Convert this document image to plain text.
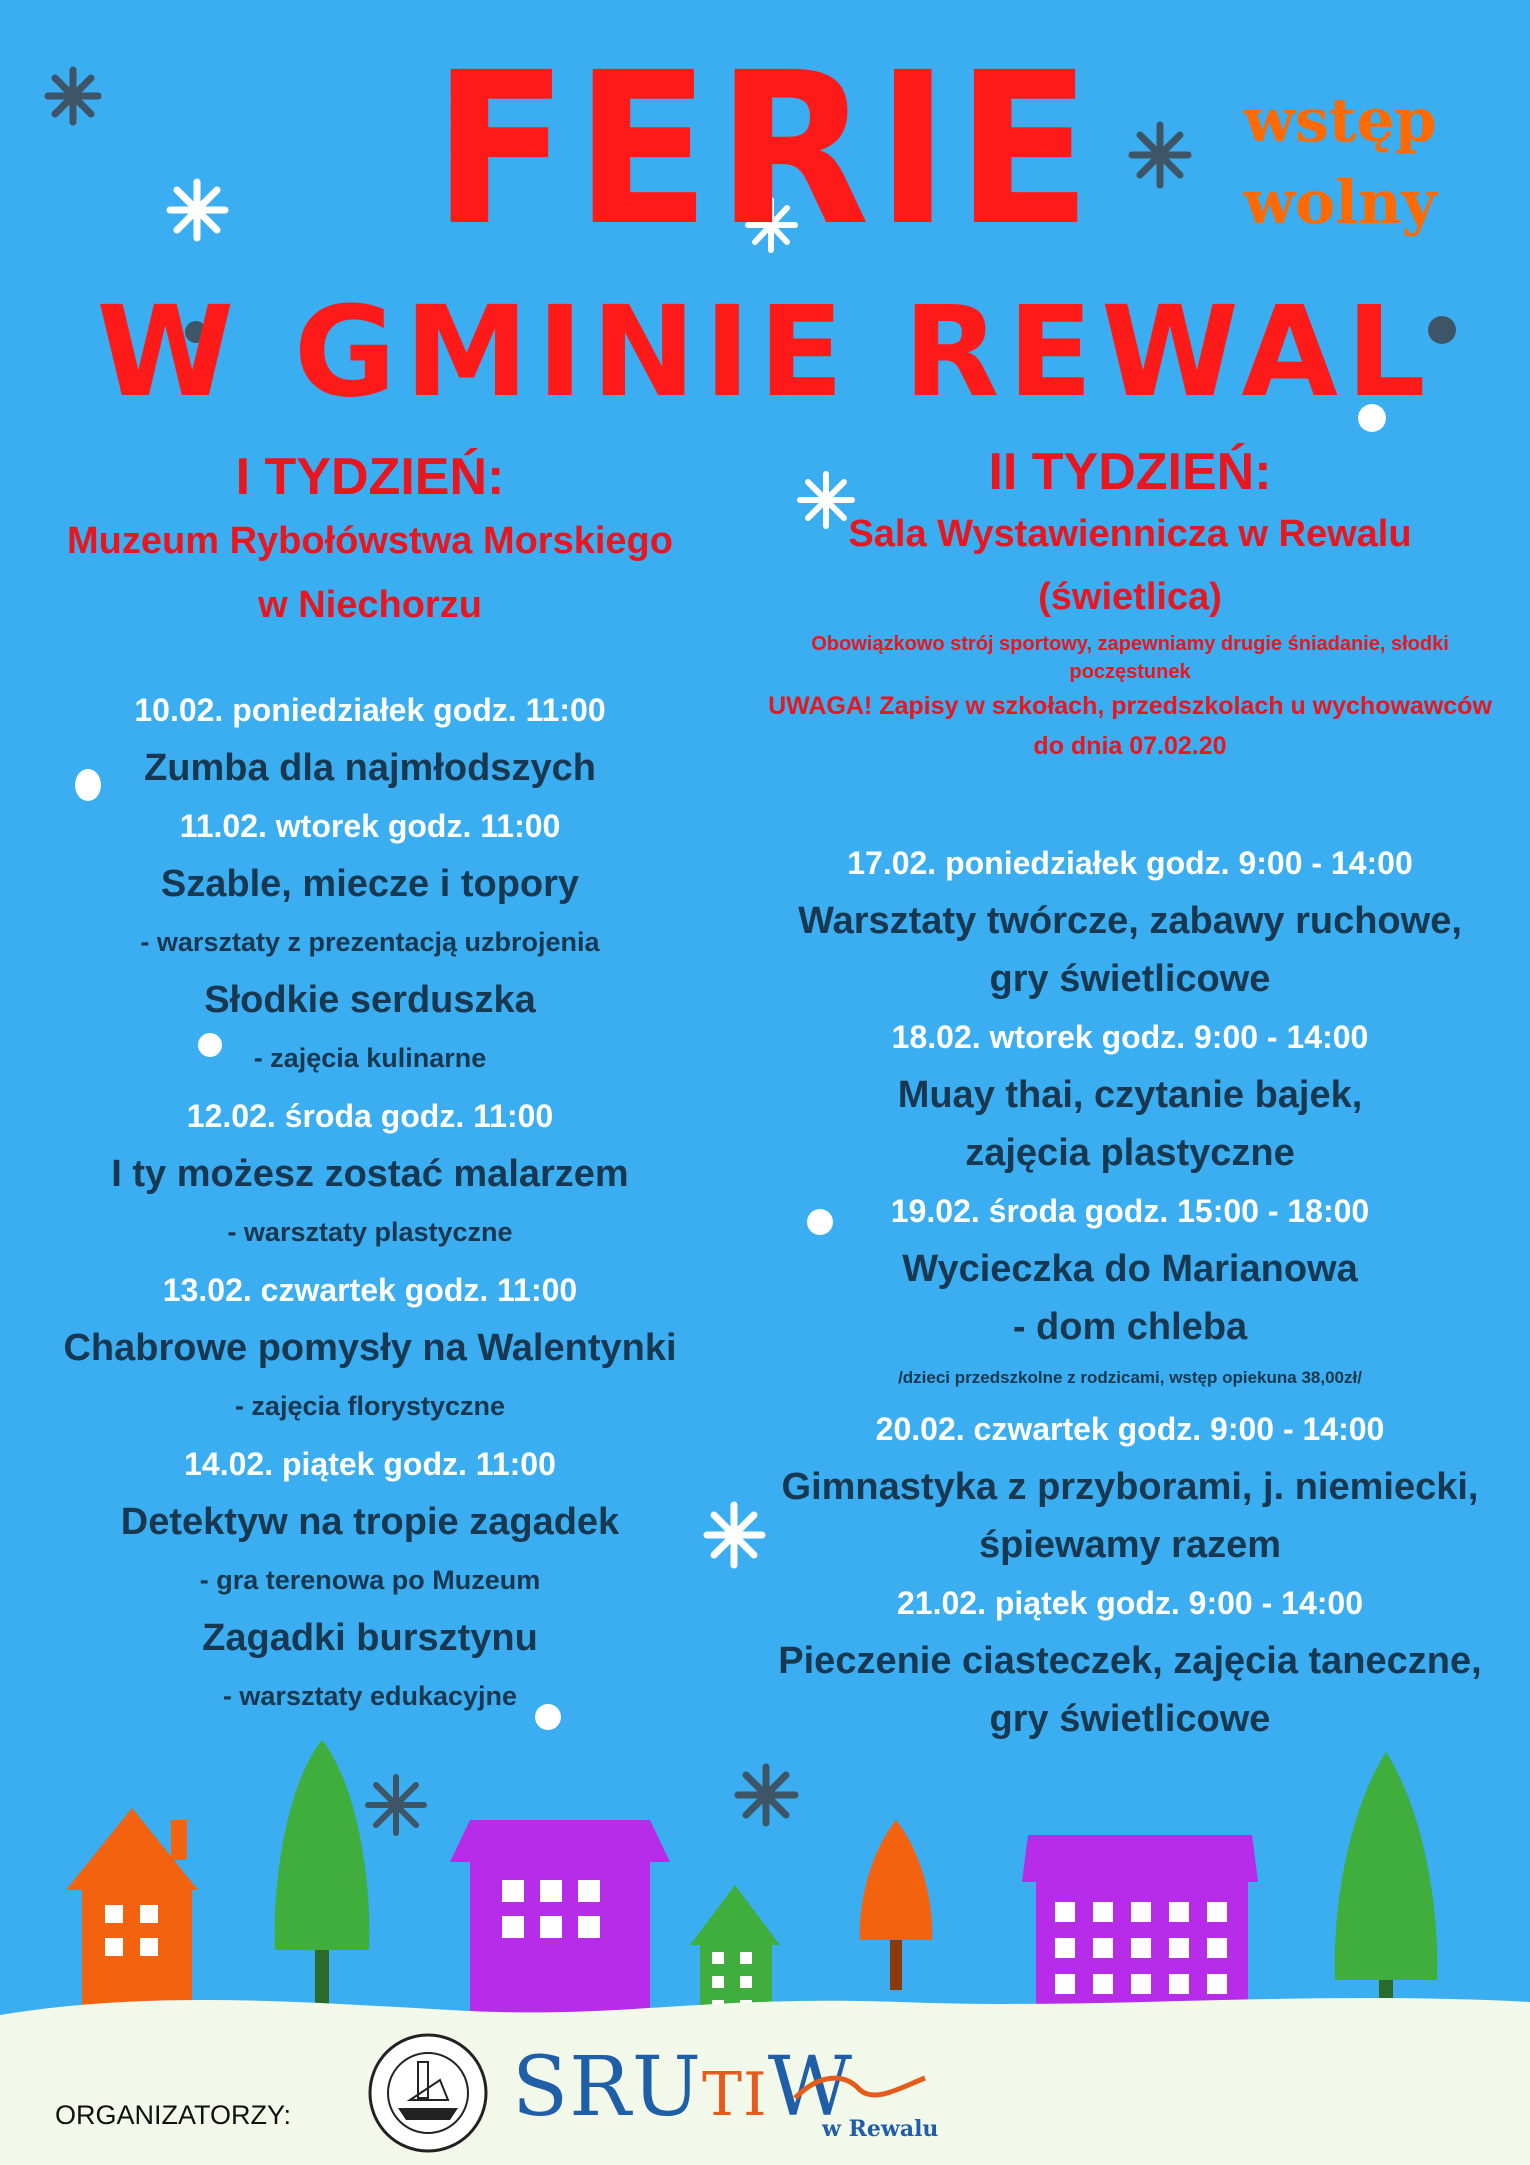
FERIE
W GMINIE REWAL
wstęp
wolny
I TYDZIEŃ:
Muzeum Rybołówstwa Morskiego
w Niechorzu
10.02. poniedziałek godz. 11:00
Zumba dla najmłodszych
11.02. wtorek godz. 11:00
Szable, miecze i topory
- warsztaty z prezentacją uzbrojenia
Słodkie serduszka
- zajęcia kulinarne
12.02. środa godz. 11:00
I ty możesz zostać malarzem
- warsztaty plastyczne
13.02. czwartek godz. 11:00
Chabrowe pomysły na Walentynki
- zajęcia florystyczne
14.02. piątek godz. 11:00
Detektyw na tropie zagadek
- gra terenowa po Muzeum
Zagadki bursztynu
- warsztaty edukacyjne
II TYDZIEŃ:
Sala Wystawiennicza w Rewalu
(świetlica)
Obowiązkowo strój sportowy, zapewniamy drugie śniadanie, słodki poczęstunek
UWAGA! Zapisy w szkołach, przedszkolach u wychowawców
do dnia 07.02.20
17.02. poniedziałek godz. 9:00 - 14:00
Warsztaty twórcze, zabawy ruchowe,
gry świetlicowe
18.02. wtorek godz. 9:00 - 14:00
Muay thai, czytanie bajek,
zajęcia plastyczne
19.02. środa godz. 15:00 - 18:00
Wycieczka do Marianowa
- dom chleba
/dzieci przedszkolne z rodzicami, wstęp opiekuna 38,00zł/
20.02. czwartek godz. 9:00 - 14:00
Gimnastyka z przyborami, j. niemiecki,
śpiewamy razem
21.02. piątek godz. 9:00 - 14:00
Pieczenie ciasteczek, zajęcia taneczne,
gry świetlicowe
ORGANIZATORZY:	SRUTIW
w Rewalu
